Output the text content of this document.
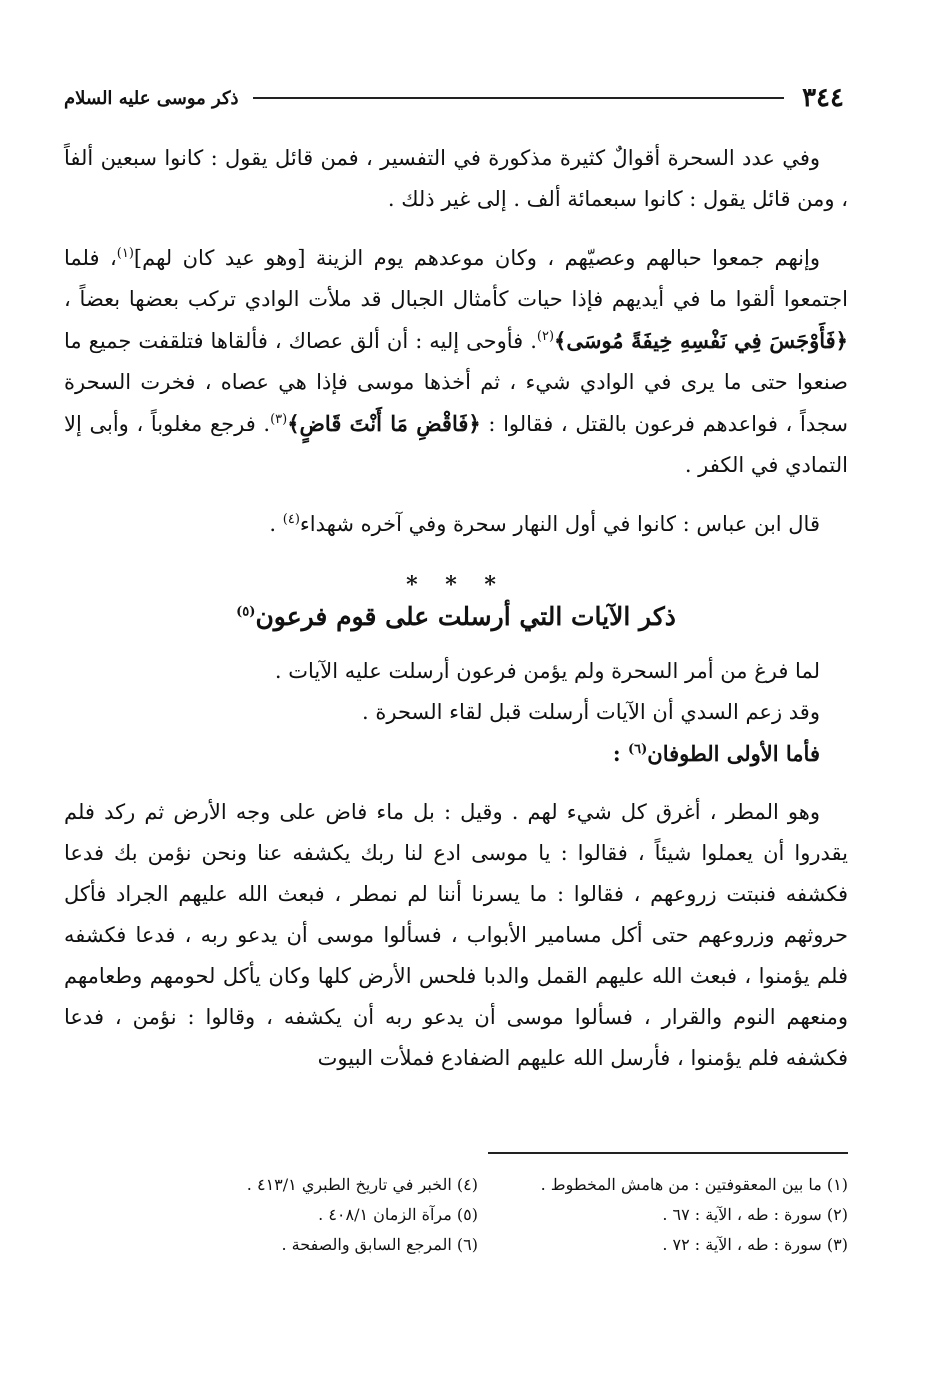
٣٤٤
ذكر موسى عليه السلام

وفي عدد السحرة أقوالٌ كثيرة مذكورة في التفسير ، فمن قائل يقول : كانوا سبعين ألفاً ، ومن قائل يقول : كانوا سبعمائة ألف . إلى غير ذلك .

وإنهم جمعوا حبالهم وعصيّهم ، وكان موعدهم يوم الزينة [وهو عيد كان لهم]$^{(١)}$، فلما اجتمعوا ألقوا ما في أيديهم فإذا حيات كأمثال الجبال قد ملأت الوادي تركب بعضها بعضاً ، ﴿فَأَوْجَسَ فِي نَفْسِهِ خِيفَةً مُوسَى﴾$^{(٢)}$. فأوحى إليه : أن ألق عصاك ، فألقاها فتلقفت جميع ما صنعوا حتى ما يرى في الوادي شيء ، ثم أخذها موسى فإذا هي عصاه ، فخرت السحرة سجداً ، فواعدهم فرعون بالقتل ، فقالوا : ﴿فَاقْضِ مَا أَنْتَ قَاضٍ﴾$^{(٣)}$. فرجع مغلوباً ، وأبى إلا التمادي في الكفر .

قال ابن عباس : كانوا في أول النهار سحرة وفي آخره شهداء$^{(٤)}$ .

* * *
ذكر الآيات التي أرسلت على قوم فرعون$^{(٥)}$

لما فرغ من أمر السحرة ولم يؤمن فرعون أرسلت عليه الآيات .

وقد زعم السدي أن الآيات أرسلت قبل لقاء السحرة .

فأما الأولى الطوفان$^{(٦)}$ :

وهو المطر ، أغرق كل شيء لهم . وقيل : بل ماء فاض على وجه الأرض ثم ركد فلم يقدروا أن يعملوا شيئاً ، فقالوا : يا موسى ادع لنا ربك يكشفه عنا ونحن نؤمن بك فدعا فكشفه فنبتت زروعهم ، فقالوا : ما يسرنا أننا لم نمطر ، فبعث الله عليهم الجراد فأكل حروثهم وزروعهم حتى أكل مسامير الأبواب ، فسألوا موسى أن يدعو ربه ، فدعا فكشفه فلم يؤمنوا ، فبعث الله عليهم القمل والدبا فلحس الأرض كلها وكان يأكل لحومهم وطعامهم ومنعهم النوم والقرار ، فسألوا موسى أن يدعو ربه أن يكشفه ، وقالوا : نؤمن ، فدعا فكشفه فلم يؤمنوا ، فأرسل الله عليهم الضفادع فملأت البيوت

(١) ما بين المعقوفتين : من هامش المخطوط .
(٢) سورة : طه ، الآية : ٦٧ .
(٣) سورة : طه ، الآية : ٧٢ .
(٤) الخبر في تاريخ الطبري ٤١٣/١ .
(٥) مرآة الزمان ٤٠٨/١ .
(٦) المرجع السابق والصفحة .
